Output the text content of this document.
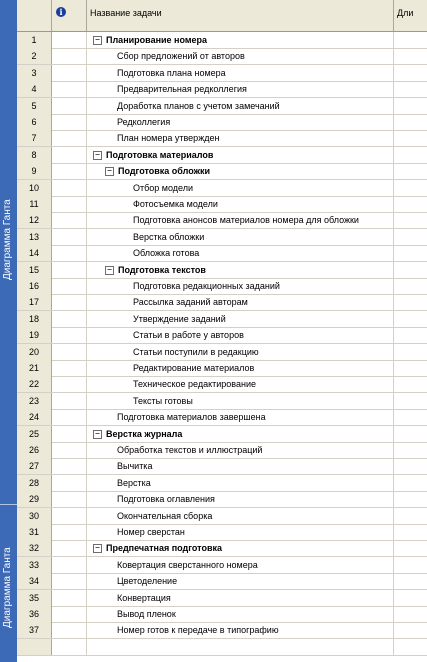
Диаграмма Ганта
Диаграмма Ганта
i	Название задачи	Дли
1	− Планирование номера
2	Сбор предложений от авторов
3	Подготовка плана номера
4	Предварительная редколлегия
5	Доработка планов с учетом замечаний
6	Редколлегия
7	План номера утвержден
8	− Подготовка материалов
9	− Подготовка обложки
10	Отбор модели
11	Фотосъемка модели
12	Подготовка анонсов материалов номера для обложки
13	Верстка обложки
14	Обложка готова
15	− Подготовка текстов
16	Подготовка редакционных заданий
17	Рассылка заданий авторам
18	Утверждение заданий
19	Статьи в работе у авторов
20	Статьи поступили в редакцию
21	Редактирование материалов
22	Техническое редактирование
23	Тексты готовы
24	Подготовка материалов завершена
25	− Верстка журнала
26	Обработка текстов и иллюстраций
27	Вычитка
28	Верстка
29	Подготовка оглавления
30	Окончательная сборка
31	Номер сверстан
32	− Предпечатная подготовка
33	Ковертация сверстанного номера
34	Цветоделение
35	Конвертация
36	Вывод пленок
37	Номер готов к передаче в типографию
